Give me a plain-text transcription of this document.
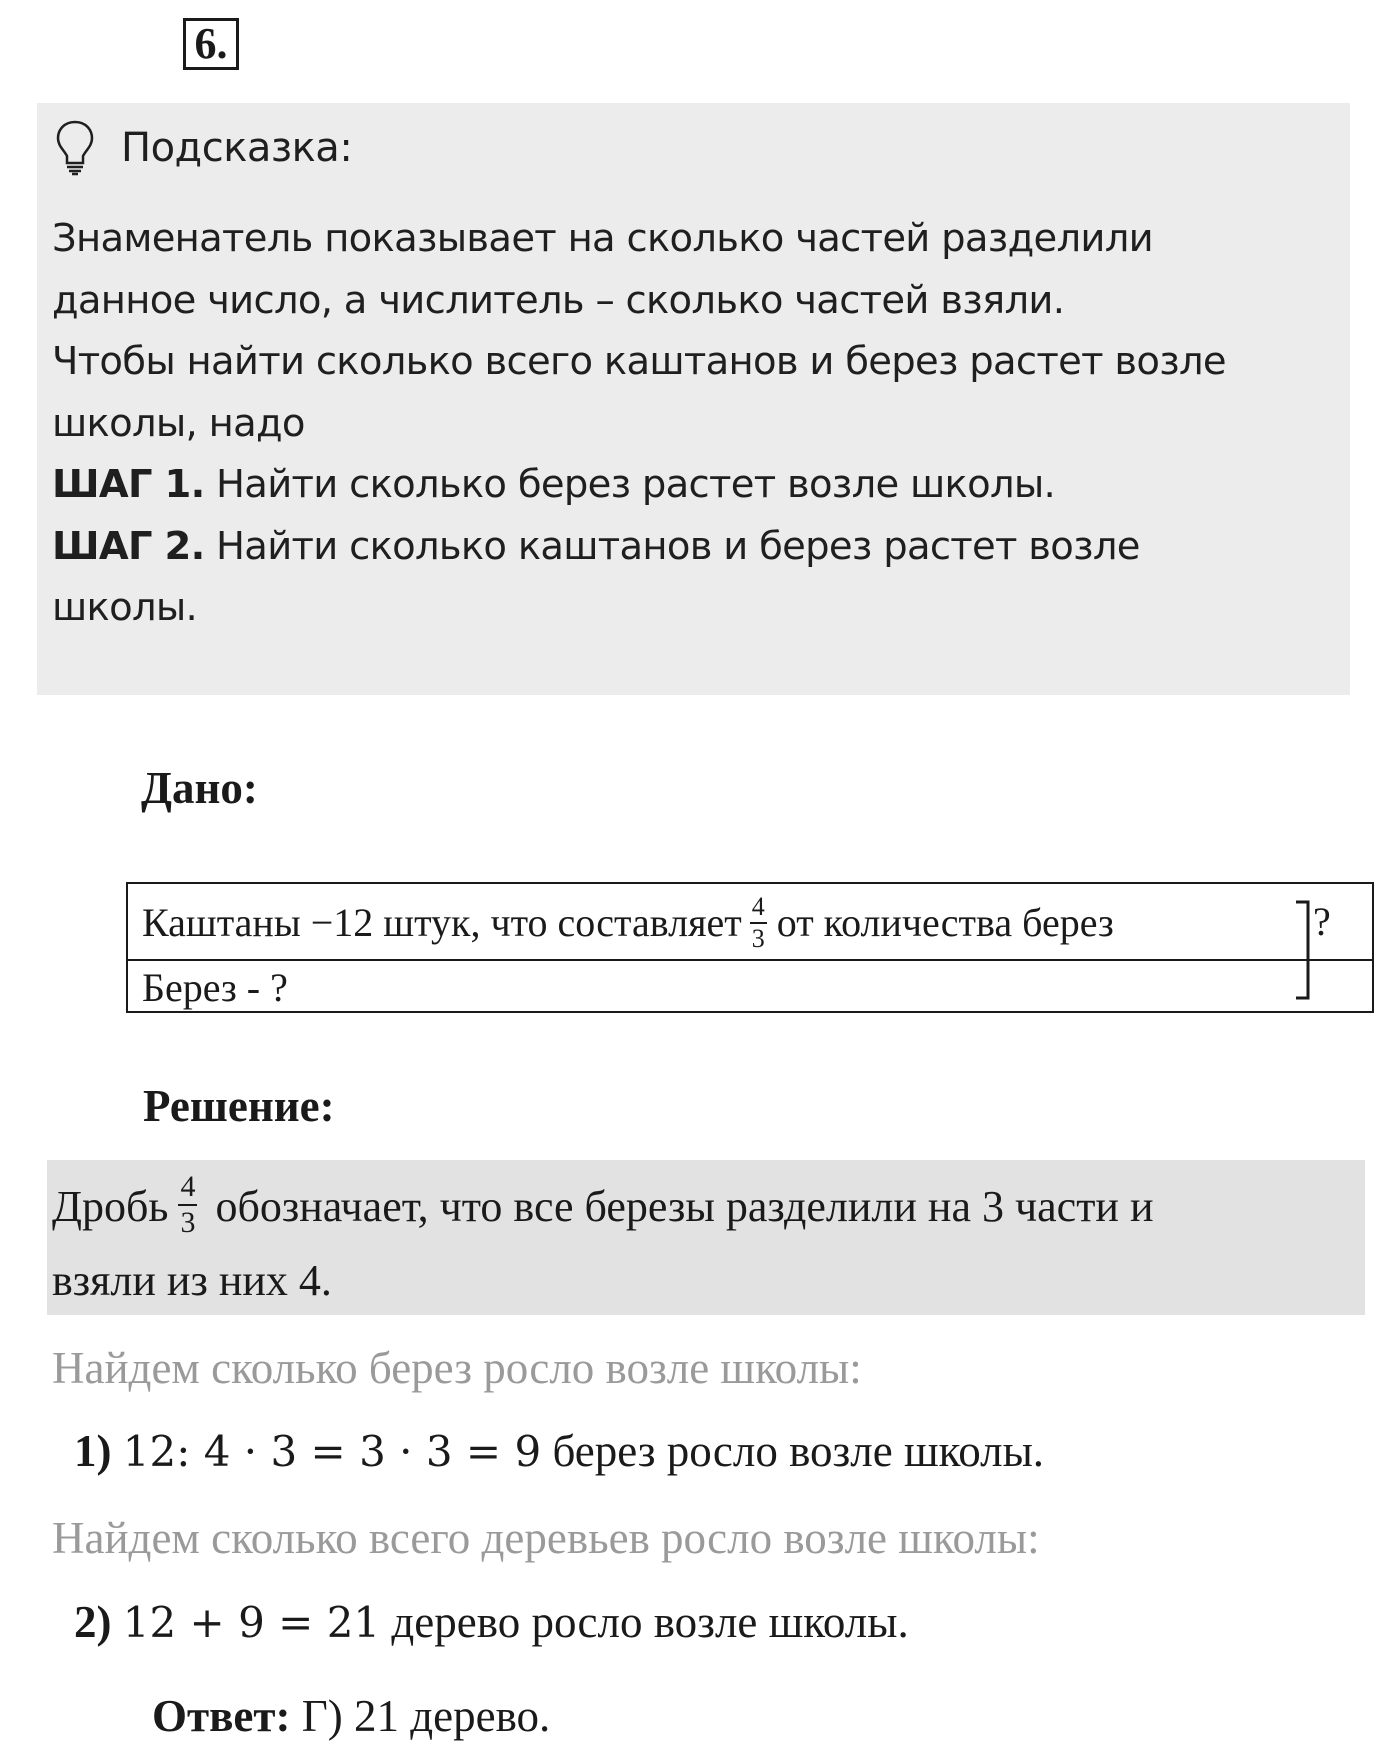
6.
Подсказка:

Знаменатель показывает на сколько частей разделили

данное число, а числитель – сколько частей взяли.

Чтобы найти сколько всего каштанов и берез растет возле

школы, надо

ШАГ 1. Найти сколько берез растет возле школы.

ШАГ 2. Найти сколько каштанов и берез растет возле

школы.

Дано:
Каштаны −12 штук, что составляет $\frac{4}{3}$ от количества берез
Берез - ?
?
Решение:
Дробь $\frac{4}{3}$ обозначает, что все березы разделили на 3 части и
взяли из них 4.
Найдем сколько берез росло возле школы:
1) 12: 4 · 3 = 3 · 3 = 9 берез росло возле школы.
Найдем сколько всего деревьев росло возле школы:
2) 12 + 9 = 21 дерево росло возле школы.
Ответ: Г) 21 дерево.
